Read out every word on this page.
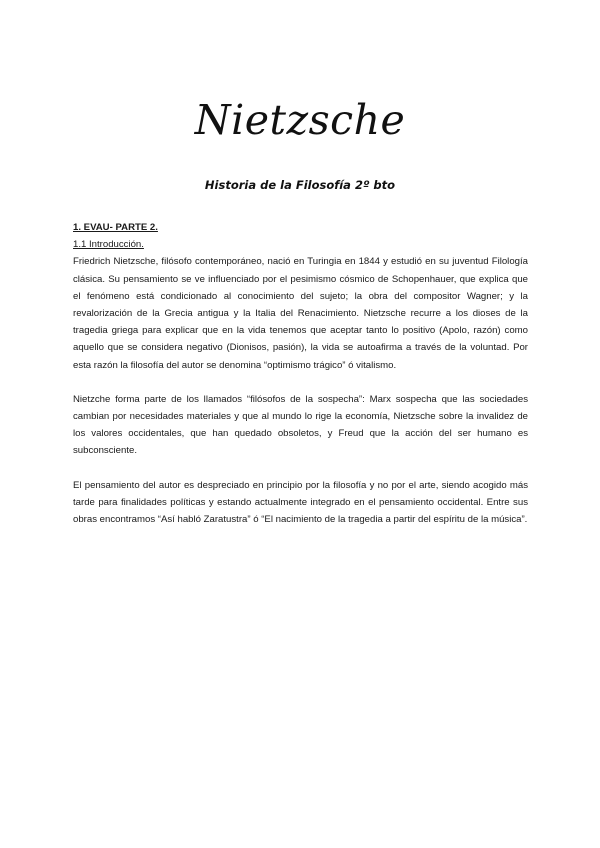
Nietzsche
Historia de la Filosofía 2º bto

1. EVAU- PARTE 2.

1.1 Introducción.

Friedrich Nietzsche, filósofo contemporáneo, nació en Turingia en 1844 y estudió en su juventud Filología clásica. Su pensamiento se ve influenciado por el pesimismo cósmico de Schopenhauer, que explica que el fenómeno está condicionado al conocimiento del sujeto; la obra del compositor Wagner; y la revalorización de la Grecia antigua y la Italia del Renacimiento. Nietzsche recurre a los dioses de la tragedia griega para explicar que en la vida tenemos que aceptar tanto lo positivo (Apolo, razón) como aquello que se considera negativo (Dionisos, pasión), la vida se autoafirma a través de la voluntad. Por esta razón la filosofía del autor se denomina “optimismo trágico” ó vitalismo.

Nietzche forma parte de los llamados “filósofos de la sospecha”: Marx sospecha que las sociedades cambian por necesidades materiales y que al mundo lo rige la economía, Nietzsche sobre la invalidez de los valores occidentales, que han quedado obsoletos, y Freud que la acción del ser humano es subconsciente.

El pensamiento del autor es despreciado en principio por la filosofía y no por el arte, siendo acogido más tarde para finalidades políticas y estando actualmente integrado en el pensamiento occidental. Entre sus obras encontramos “Así habló Zaratustra” ó “El nacimiento de la tragedia a partir del espíritu de la música”.
